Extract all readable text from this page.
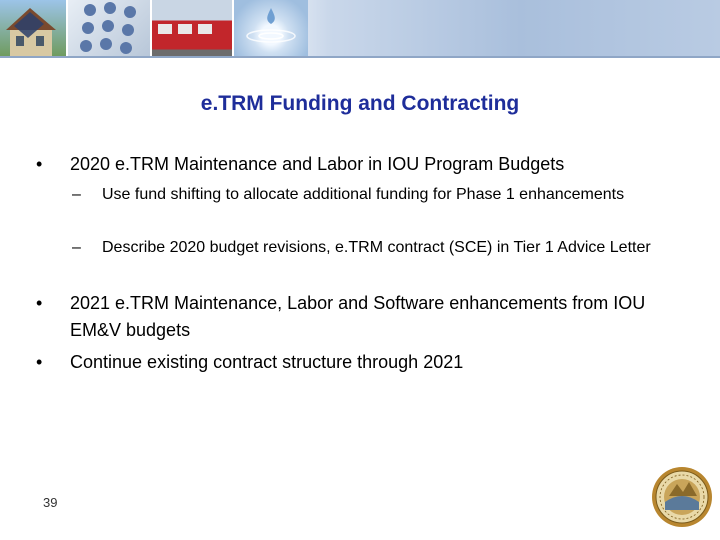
e.TRM Funding and Contracting
• 2020 e.TRM Maintenance and Labor in IOU Program Budgets
– Use fund shifting to allocate additional funding for Phase 1 enhancements
– Describe 2020 budget revisions, e.TRM contract (SCE) in Tier 1 Advice Letter
• 2021 e.TRM Maintenance, Labor and Software enhancements from IOU EM&V budgets
• Continue existing contract structure through 2021
39
